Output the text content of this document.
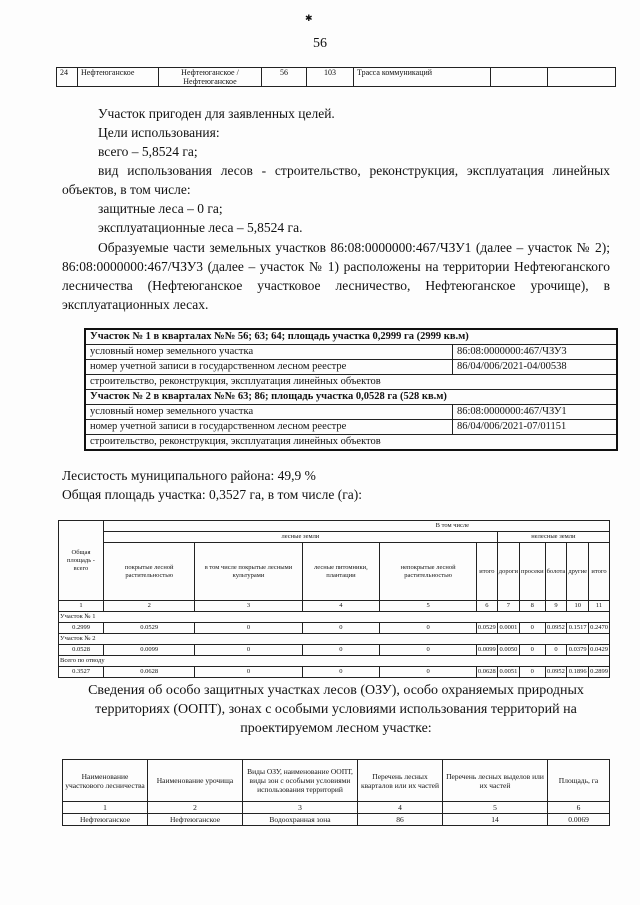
✱
56
24	Нефтеюганское	Нефтеюганское / Нефтеюганское	56	103	Трасса коммуникаций		

Участок пригоден для заявленных целей.

Цели использования:

всего – 5,8524 га;

вид использования лесов - строительство, реконструкция, эксплуатация линейных объектов, в том числе:

защитные леса – 0 га;

эксплуатационные леса – 5,8524 га.

Образуемые части земельных участков 86:08:0000000:467/ЧЗУ1 (далее – участок № 2); 86:08:0000000:467/ЧЗУ3 (далее – участок № 1) расположены на территории Нефтеюганского лесничества (Нефтеюганское участковое лесничество, Нефтеюганское урочище), в эксплуатационных лесах.
Участок № 1 в кварталах №№ 56; 63; 64; площадь участка 0,2999 га (2999 кв.м)	
условный номер земельного участка	86:08:0000000:467/ЧЗУ3
номер учетной записи в государственном лесном реестре	86/04/006/2021-04/00538
строительство, реконструкция, эксплуатация линейных объектов	
Участок № 2 в кварталах №№ 63; 86; площадь участка 0,0528 га (528 кв.м)	
условный номер земельного участка	86:08:0000000:467/ЧЗУ1
номер учетной записи в государственном лесном реестре	86/04/006/2021-07/01151
строительство, реконструкция, эксплуатация линейных объектов	
Лесистость муниципального района: 49,9 %
Общая площадь участка: 0,3527 га, в том числе (га):
Общая площадь - всего	В том числе									
	лесные земли					нелесные земли				
	покрытые лесной растительностью	в том числе покрытые лесными культурами	лесные питомники, плантации	непокрытые лесной растительностью	итого	дороги	просеки	болота	другие	итого
1	2	3	4	5	6	7	8	9	10	11
Участок № 1										
0.2999	0.0529	0	0	0	0.0529	0.0001	0	0.0952	0.1517	0.2470
Участок № 2										
0.0528	0.0099	0	0	0	0.0099	0.0050	0	0	0.0379	0.0429
Всего по отводу										
0.3527	0.0628	0	0	0	0.0628	0.0051	0	0.0952	0.1896	0.2899
Сведения об особо защитных участках лесов (ОЗУ), особо охраняемых природных территориях (ООПТ), зонах с особыми условиями использования территорий на проектируемом лесном участке:
Наименование участкового лесничества	Наименование урочища	Виды ОЗУ, наименование ООПТ, виды зон с особыми условиями использования территорий	Перечень лесных кварталов или их частей	Перечень лесных выделов или их частей	Площадь, га
1	2	3	4	5	6
Нефтеюганское	Нефтеюганское	Водоохранная зона	86	14	0.0069
